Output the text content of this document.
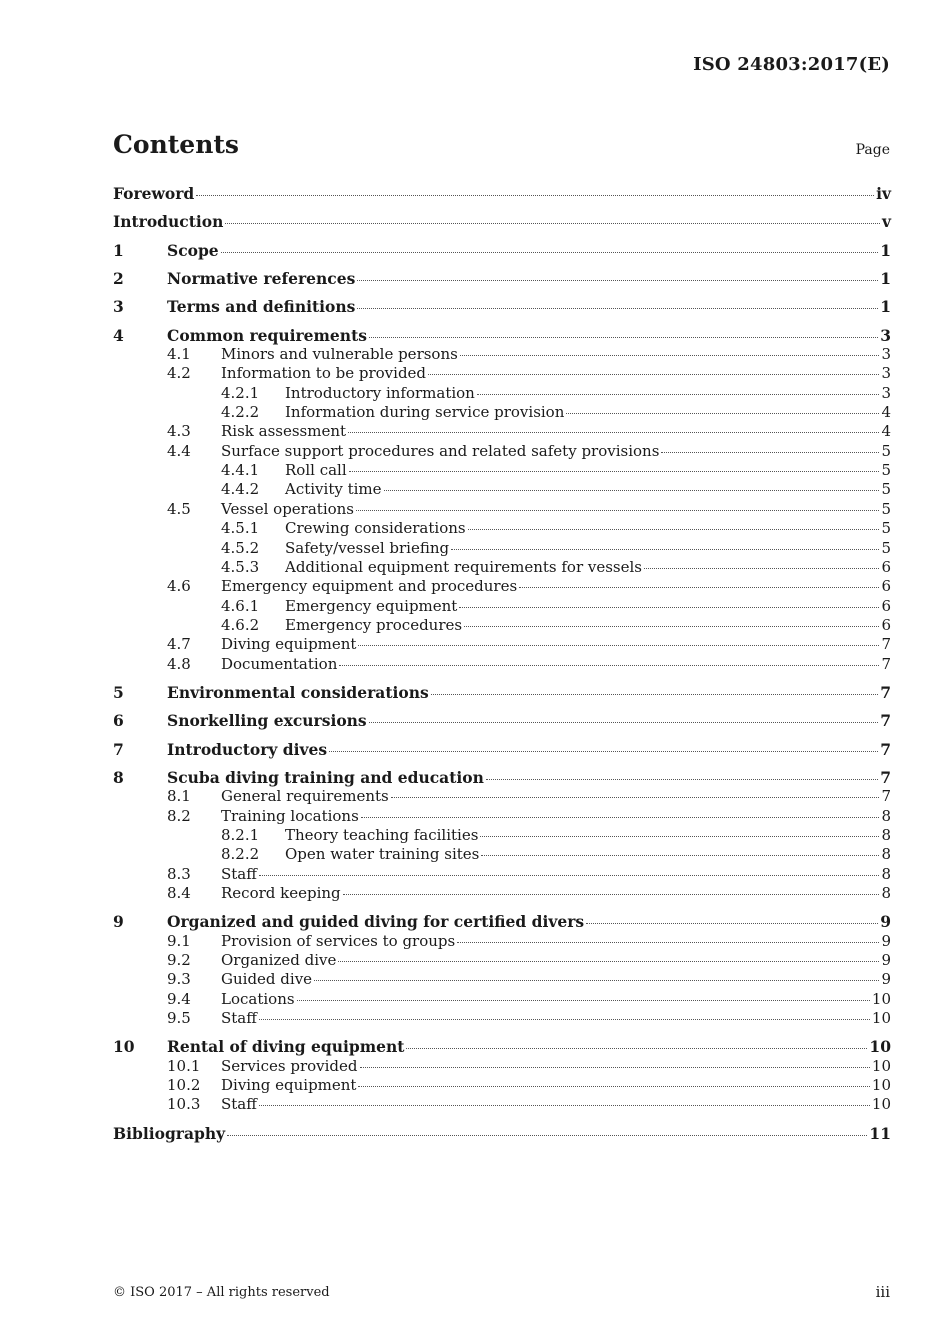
ISO 24803:2017(E)
Contents	Page
Foreword	iv
Introduction	v
1	Scope	1
2	Normative references	1
3	Terms and definitions	1
4	Common requirements	3
4.1	Minors and vulnerable persons	3
4.2	Information to be provided	3
4.2.1	Introductory information	3
4.2.2	Information during service provision	4
4.3	Risk assessment	4
4.4	Surface support procedures and related safety provisions	5
4.4.1	Roll call	5
4.4.2	Activity time	5
4.5	Vessel operations	5
4.5.1	Crewing considerations	5
4.5.2	Safety/vessel briefing	5
4.5.3	Additional equipment requirements for vessels	6
4.6	Emergency equipment and procedures	6
4.6.1	Emergency equipment	6
4.6.2	Emergency procedures	6
4.7	Diving equipment	7
4.8	Documentation	7
5	Environmental considerations	7
6	Snorkelling excursions	7
7	Introductory dives	7
8	Scuba diving training and education	7
8.1	General requirements	7
8.2	Training locations	8
8.2.1	Theory teaching facilities	8
8.2.2	Open water training sites	8
8.3	Staff	8
8.4	Record keeping	8
9	Organized and guided diving for certified divers	9
9.1	Provision of services to groups	9
9.2	Organized dive	9
9.3	Guided dive	9
9.4	Locations	10
9.5	Staff	10
10	Rental of diving equipment	10
10.1	Services provided	10
10.2	Diving equipment	10
10.3	Staff	10
Bibliography	11
© ISO 2017 – All rights reserved	iii
